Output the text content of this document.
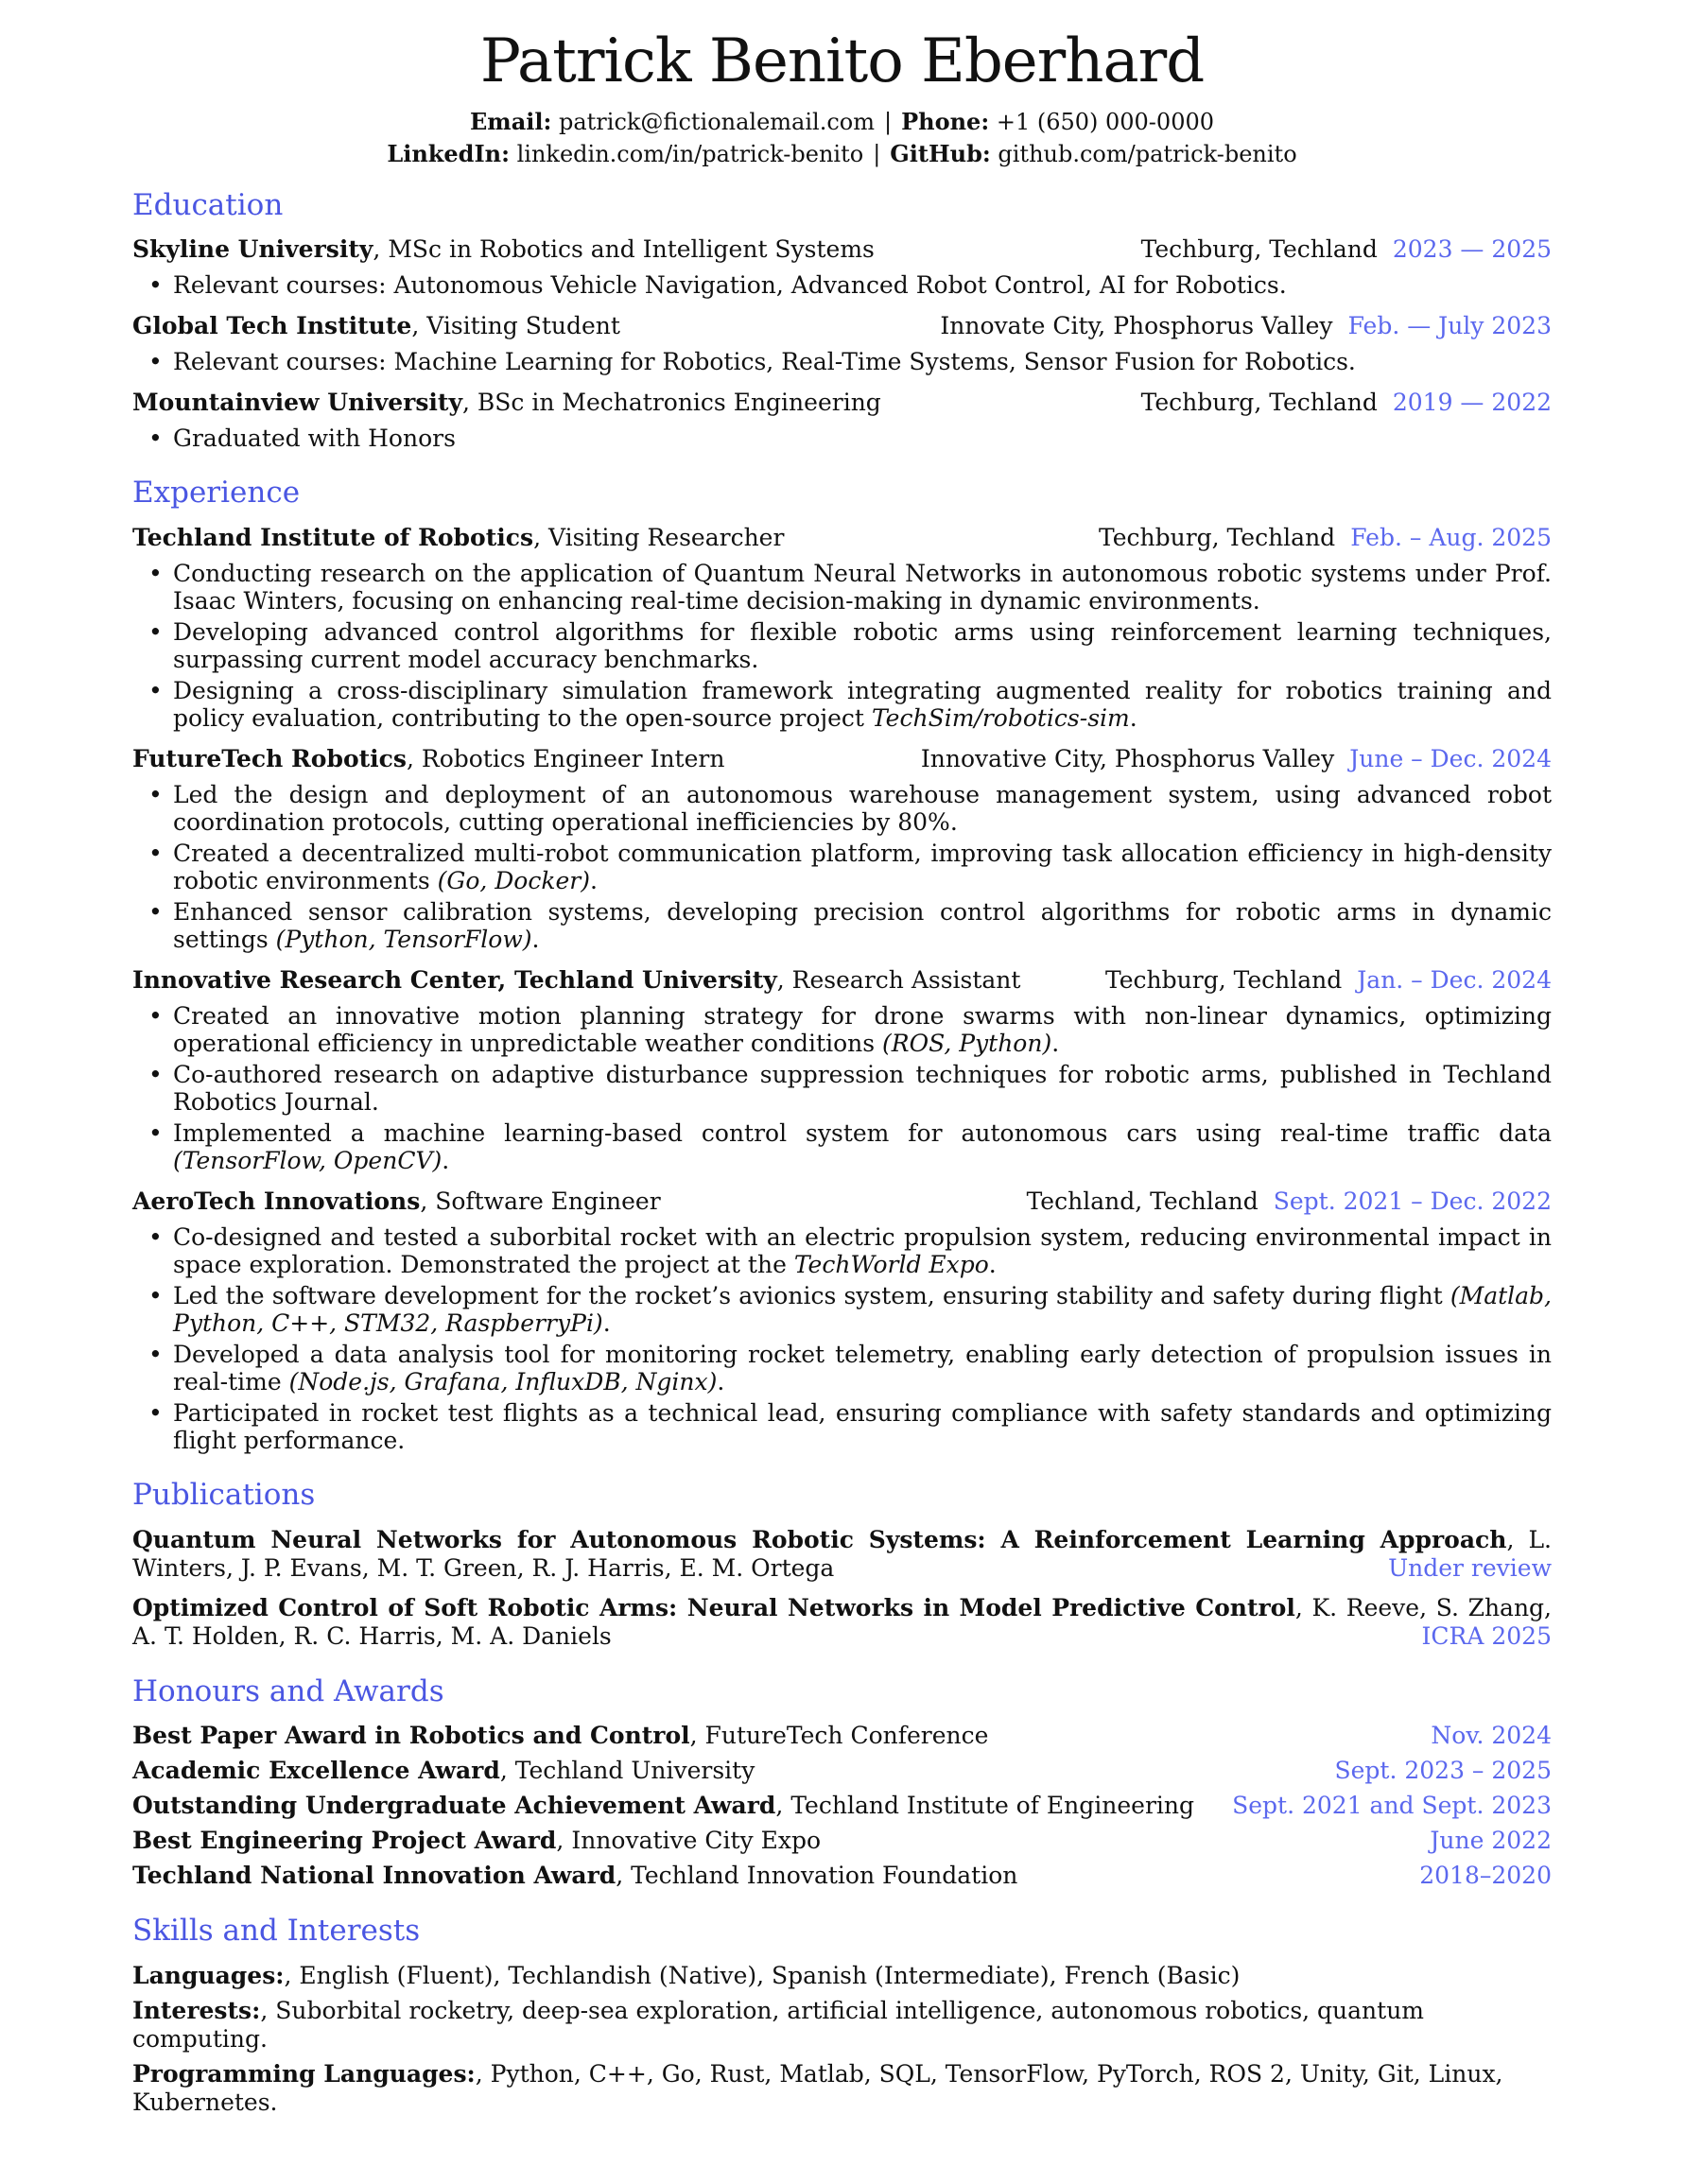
Patrick Benito Eberhard

Email: patrick@fictionalemail.com | Phone: +1 (650) 000-0000

LinkedIn: linkedin.com/in/patrick-benito | GitHub: github.com/patrick-benito

Education
Skyline University, MSc in Robotics and Intelligent Systems	Techburg, Techland 2023 — 2025
• Relevant courses: Autonomous Vehicle Navigation, Advanced Robot Control, AI for Robotics.
Global Tech Institute, Visiting Student	Innovate City, Phosphorus Valley Feb. — July 2023
• Relevant courses: Machine Learning for Robotics, Real-Time Systems, Sensor Fusion for Robotics.
Mountainview University, BSc in Mechatronics Engineering	Techburg, Techland 2019 — 2022
• Graduated with Honors
Experience
Techland Institute of Robotics, Visiting Researcher	Techburg, Techland Feb. – Aug. 2025
• Conducting research on the application of Quantum Neural Networks in autonomous robotic systems under Prof. Isaac Winters, focusing on enhancing real-time decision-making in dynamic environments.
• Developing advanced control algorithms for flexible robotic arms using reinforcement learning techniques, surpassing current model accuracy benchmarks.
• Designing a cross-disciplinary simulation framework integrating augmented reality for robotics training and policy evaluation, contributing to the open-source project TechSim/robotics-sim.
FutureTech Robotics, Robotics Engineer Intern	Innovative City, Phosphorus Valley June – Dec. 2024
• Led the design and deployment of an autonomous warehouse management system, using advanced robot coordination protocols, cutting operational inefficiencies by 80%.
• Created a decentralized multi-robot communication platform, improving task allocation efficiency in high-density robotic environments (Go, Docker).
• Enhanced sensor calibration systems, developing precision control algorithms for robotic arms in dynamic settings (Python, TensorFlow).
Innovative Research Center, Techland University, Research Assistant	Techburg, Techland Jan. – Dec. 2024
• Created an innovative motion planning strategy for drone swarms with non-linear dynamics, optimizing operational efficiency in unpredictable weather conditions (ROS, Python).
• Co-authored research on adaptive disturbance suppression techniques for robotic arms, published in Techland Robotics Journal.
• Implemented a machine learning-based control system for autonomous cars using real-time traffic data (TensorFlow, OpenCV).
AeroTech Innovations, Software Engineer	Techland, Techland Sept. 2021 – Dec. 2022
• Co-designed and tested a suborbital rocket with an electric propulsion system, reducing environmental impact in space exploration. Demonstrated the project at the TechWorld Expo.
• Led the software development for the rocket’s avionics system, ensuring stability and safety during flight (Matlab, Python, C++, STM32, RaspberryPi).
• Developed a data analysis tool for monitoring rocket telemetry, enabling early detection of propulsion issues in real-time (Node.js, Grafana, InfluxDB, Nginx).
• Participated in rocket test flights as a technical lead, ensuring compliance with safety standards and optimizing flight performance.
Publications

Quantum Neural Networks for Autonomous Robotic Systems: A Reinforcement Learning Approach, L. Winters, J. P. Evans, M. T. Green, R. J. Harris, E. M. Ortega	Under review

Optimized Control of Soft Robotic Arms: Neural Networks in Model Predictive Control, K. Reeve, S. Zhang, A. T. Holden, R. C. Harris, M. A. Daniels	ICRA 2025

Honours and Awards
Best Paper Award in Robotics and Control, FutureTech Conference	Nov. 2024
Academic Excellence Award, Techland University	Sept. 2023 – 2025
Outstanding Undergraduate Achievement Award, Techland Institute of Engineering Sept. 2021 and Sept. 2023
Best Engineering Project Award, Innovative City Expo	June 2022
Techland National Innovation Award, Techland Innovation Foundation	2018–2020
Skills and Interests

Languages:, English (Fluent), Techlandish (Native), Spanish (Intermediate), French (Basic)

Interests:, Suborbital rocketry, deep-sea exploration, artificial intelligence, autonomous robotics, quantum computing.

Programming Languages:, Python, C++, Go, Rust, Matlab, SQL, TensorFlow, PyTorch, ROS 2, Unity, Git, Linux, Kubernetes.
